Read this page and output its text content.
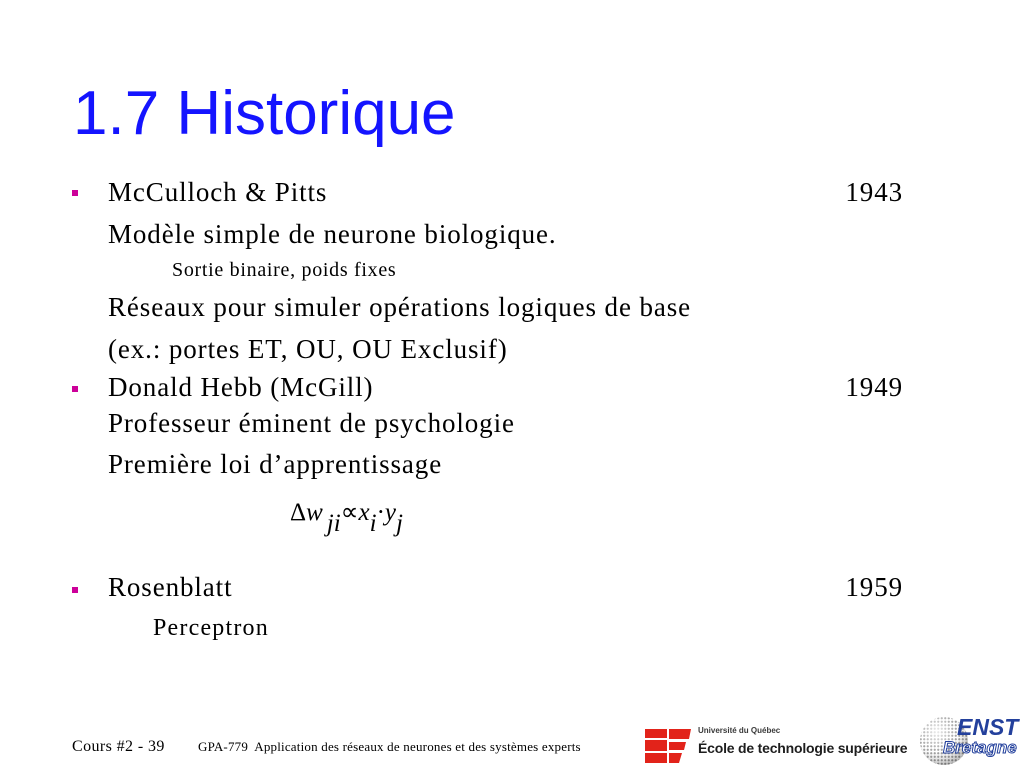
1.7 Historique
McCulloch & Pitts	1943
Modèle simple de neurone biologique.
Sortie binaire, poids fixes
Réseaux pour simuler opérations logiques de base
(ex.: portes ET, OU, OU Exclusif)
Donald Hebb (McGill)	1949
Professeur éminent de psychologie
Première loi d’apprentissage
Δw ji∝xi·yj
Rosenblatt	1959
Perceptron
Cours #2 - 39	GPA-779  Application des réseaux de neurones et des systèmes experts
Université du Québec
École de technologie supérieure
ENST
Bretagne
